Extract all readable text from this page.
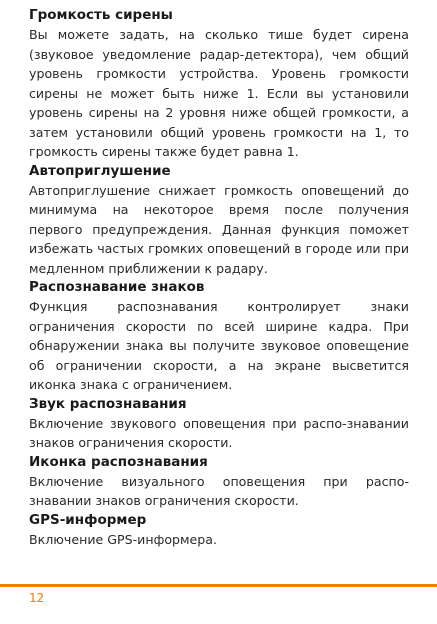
Громкость сирены

Вы можете задать, на сколько тише будет сирена (звуковое уведомление радар-детектора), чем общий уровень громкости устройства. Уровень громкости сирены не может быть ниже 1. Если вы установили уровень сирены на 2 уровня ниже общей громкости, а затем установили общий уровень громкости на 1, то громкость сирены также будет равна 1.

Автоприглушение

Автоприглушение снижает громкость оповещений до минимума на некоторое время после получения первого предупреждения. Данная функция поможет избежать частых громких оповещений в городе или при медленном приближении к радару.

Распознавание знаков

Функция распознавания контролирует знаки ограничения скорости по всей ширине кадра. При обнаружении знака вы получите звуковое оповещение об ограничении скорости, а на экране высветится иконка знака с ограничением.

Звук распознавания

Включение звукового оповещения при распо-знавании знаков ограничения скорости.

Иконка распознавания

Включение визуального оповещения при распо-знавании знаков ограничения скорости.

GPS-информер

Включение GPS-информера.

12
